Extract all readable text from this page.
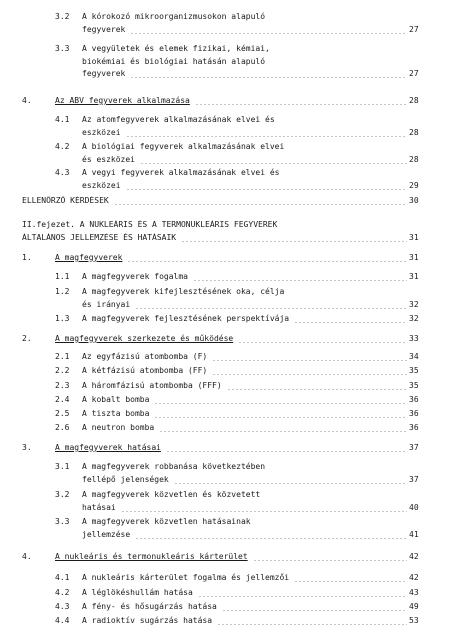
3.2 A kórokozó mikroorganizmusokon alapuló
fegyverek	27
3.3 A vegyületek és elemek fizikai, kémiai,
biokémiai és biológiai hatásán alapuló
fegyverek	27
4.	Az ABV fegyverek alkalmazása	28
4.1 Az atomfegyverek alkalmazásának elvei és
eszközei	28
4.2 A biológiai fegyverek alkalmazásának elvei
és eszközei	28
4.3 A vegyi fegyverek alkalmazásának elvei és
eszközei	29
ELLENŐRZŐ KÉRDÉSEK	30
II.fejezet. A NUKLEÁRIS ÉS A TERMONUKLEÁRIS FEGYVEREK
ÁLTALÁNOS JELLEMZÉSE ÉS HATÁSAIK	31
1.	A magfegyverek	31
1.1 A magfegyverek fogalma	31
1.2 A magfegyverek kifejlesztésének oka, célja
és irányai	32
1.3 A magfegyverek fejlesztésének perspektívája	32
2.	A magfegyverek szerkezete és működése	33
2.1 Az egyfázisú atombomba (F)	34
2.2 A kétfázisú atombomba (FF)	35
2.3 A háromfázisú atombomba (FFF)	35
2.4 A kobalt bomba	36
2.5 A tiszta bomba	36
2.6 A neutron bomba	36
3.	A magfegyverek hatásai	37
3.1 A magfegyverek robbanása következtében
fellépő jelenségek	37
3.2 A magfegyverek közvetlen és közvetett
hatásai	40
3.3 A magfegyverek közvetlen hatásainak
jellemzése	41
4.	A nukleáris és termonukleáris kárterület	42
4.1 A nukleáris kárterület fogalma és jellemzői	42
4.2 A léglökéshullám hatása	43
4.3 A fény- és hősugárzás hatása	49
4.4 A radioktív sugárzás hatása	53
